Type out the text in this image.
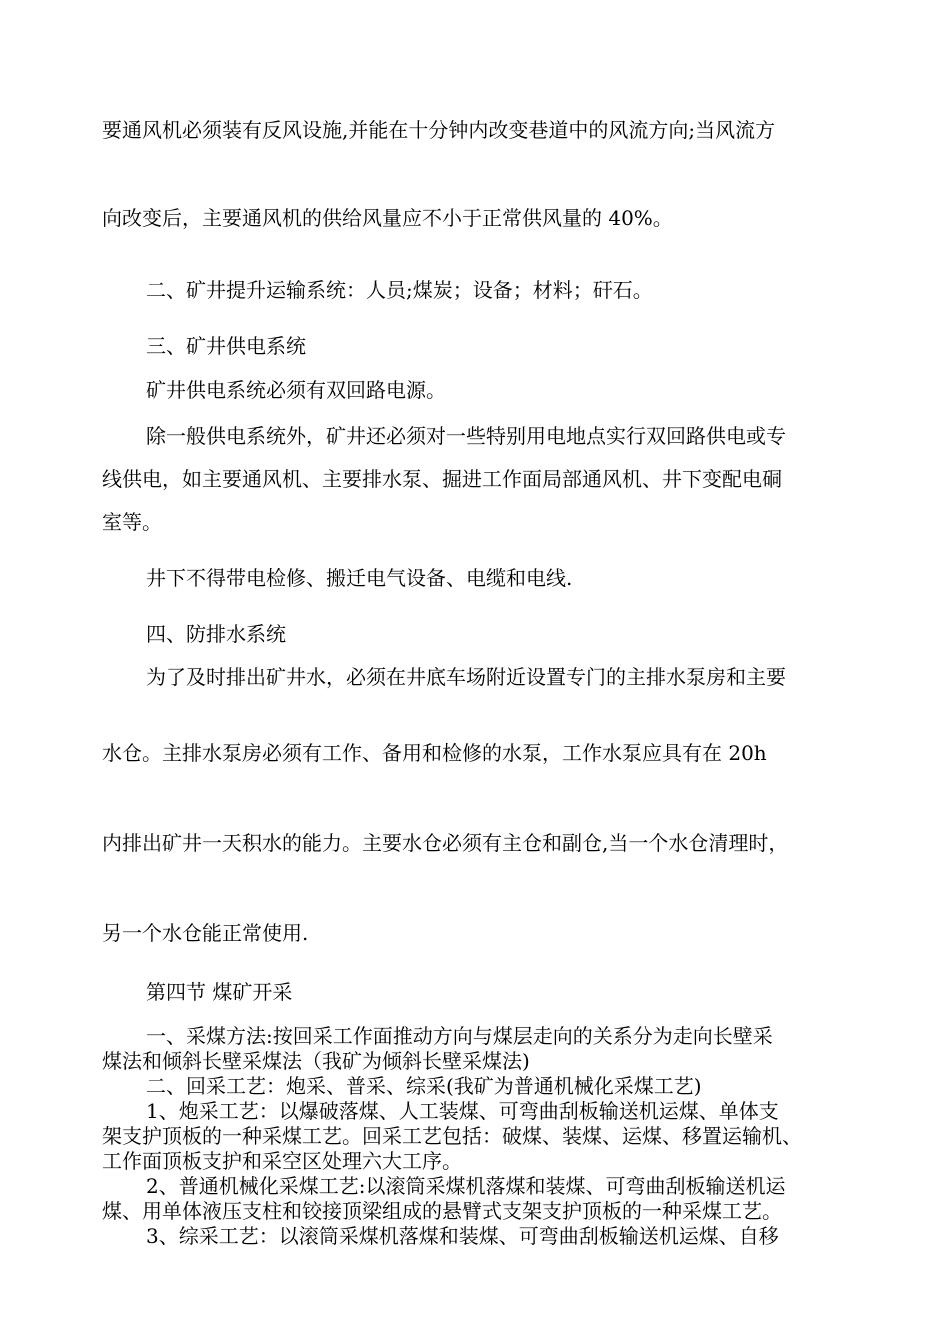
要通风机必须装有反风设施,并能在十分钟内改变巷道中的风流方向;当风流方
向改变后，主要通风机的供给风量应不小于正常供风量的 40%。
二、矿井提升运输系统：人员;煤炭；设备；材料；矸石。
三、矿井供电系统
矿井供电系统必须有双回路电源。
除一般供电系统外，矿井还必须对一些特别用电地点实行双回路供电或专
线供电，如主要通风机、主要排水泵、掘进工作面局部通风机、井下变配电硐
室等。
井下不得带电检修、搬迁电气设备、电缆和电线.
四、防排水系统
为了及时排出矿井水，必须在井底车场附近设置专门的主排水泵房和主要
水仓。主排水泵房必须有工作、备用和检修的水泵，工作水泵应具有在 20h
内排出矿井一天积水的能力。主要水仓必须有主仓和副仓,当一个水仓清理时，
另一个水仓能正常使用.
第四节 煤矿开采
一、采煤方法:按回采工作面推动方向与煤层走向的关系分为走向长壁采
煤法和倾斜长壁采煤法（我矿为倾斜长壁采煤法)
二、回采工艺：炮采、普采、综采(我矿为普通机械化采煤工艺)
1、炮采工艺：以爆破落煤、人工装煤、可弯曲刮板输送机运煤、单体支
架支护顶板的一种采煤工艺。回采工艺包括：破煤、装煤、运煤、移置运输机、
工作面顶板支护和采空区处理六大工序。
2、普通机械化采煤工艺:以滚筒采煤机落煤和装煤、可弯曲刮板输送机运
煤、用单体液压支柱和铰接顶梁组成的悬臂式支架支护顶板的一种采煤工艺。
3、综采工艺：以滚筒采煤机落煤和装煤、可弯曲刮板输送机运煤、自移
